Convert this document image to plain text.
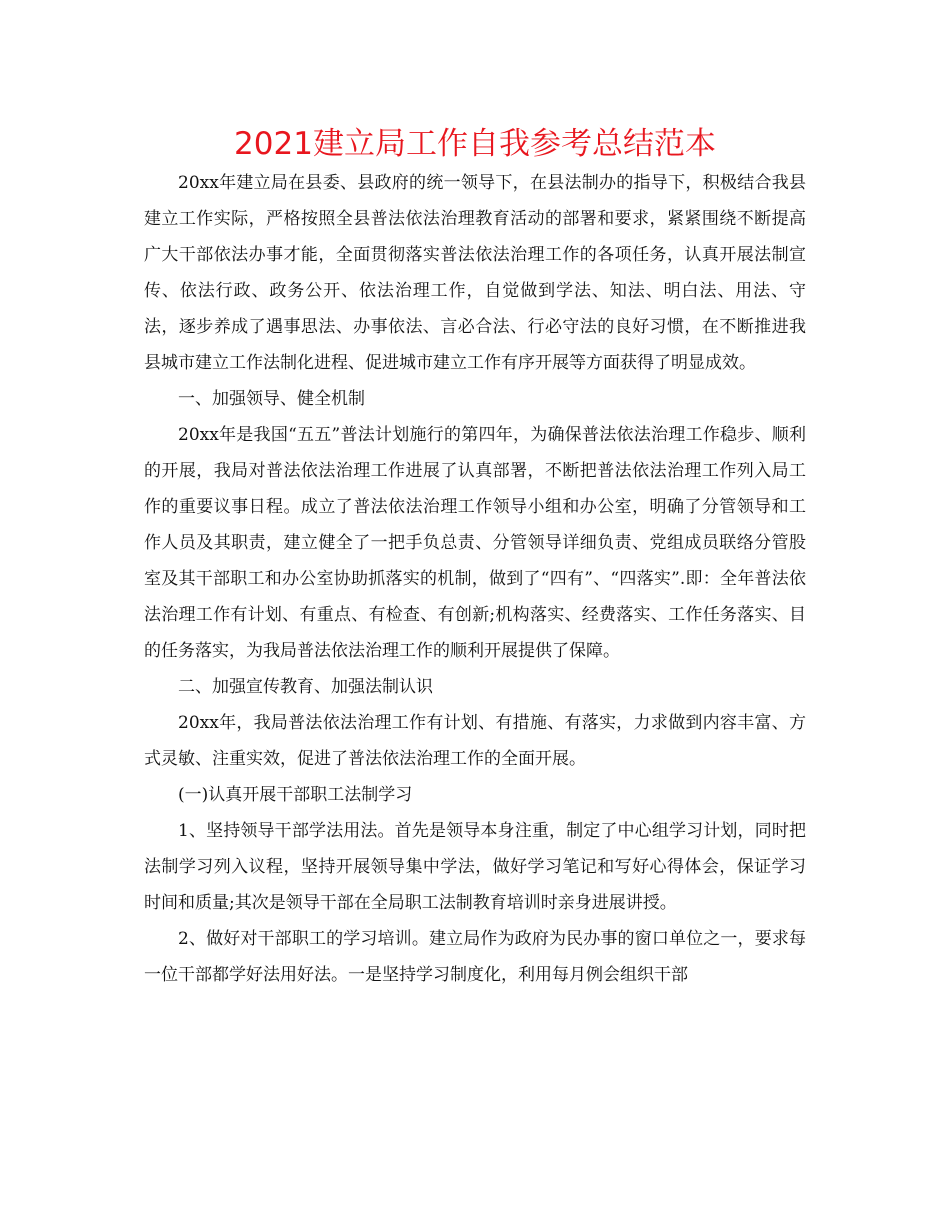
2021建立局工作自我参考总结范本

20xx年建立局在县委、县政府的统一领导下，在县法制办的指导下，积极结合我县建立工作实际，严格按照全县普法依法治理教育活动的部署和要求，紧紧围绕不断提高广大干部依法办事才能，全面贯彻落实普法依法治理工作的各项任务，认真开展法制宣传、依法行政、政务公开、依法治理工作，自觉做到学法、知法、明白法、用法、守法，逐步养成了遇事思法、办事依法、言必合法、行必守法的良好习惯，在不断推进我县城市建立工作法制化进程、促进城市建立工作有序开展等方面获得了明显成效。

一、加强领导、健全机制

20xx年是我国“五五”普法计划施行的第四年，为确保普法依法治理工作稳步、顺利的开展，我局对普法依法治理工作进展了认真部署，不断把普法依法治理工作列入局工作的重要议事日程。成立了普法依法治理工作领导小组和办公室，明确了分管领导和工作人员及其职责，建立健全了一把手负总责、分管领导详细负责、党组成员联络分管股室及其干部职工和办公室协助抓落实的机制，做到了“四有”、“四落实”.即：全年普法依法治理工作有计划、有重点、有检查、有创新;机构落实、经费落实、工作任务落实、目的任务落实，为我局普法依法治理工作的顺利开展提供了保障。

二、加强宣传教育、加强法制认识

20xx年，我局普法依法治理工作有计划、有措施、有落实，力求做到内容丰富、方式灵敏、注重实效，促进了普法依法治理工作的全面开展。

(一)认真开展干部职工法制学习

1、坚持领导干部学法用法。首先是领导本身注重，制定了中心组学习计划，同时把法制学习列入议程，坚持开展领导集中学法，做好学习笔记和写好心得体会，保证学习时间和质量;其次是领导干部在全局职工法制教育培训时亲身进展讲授。

2、做好对干部职工的学习培训。建立局作为政府为民办事的窗口单位之一，要求每一位干部都学好法用好法。一是坚持学习制度化，利用每月例会组织干部
